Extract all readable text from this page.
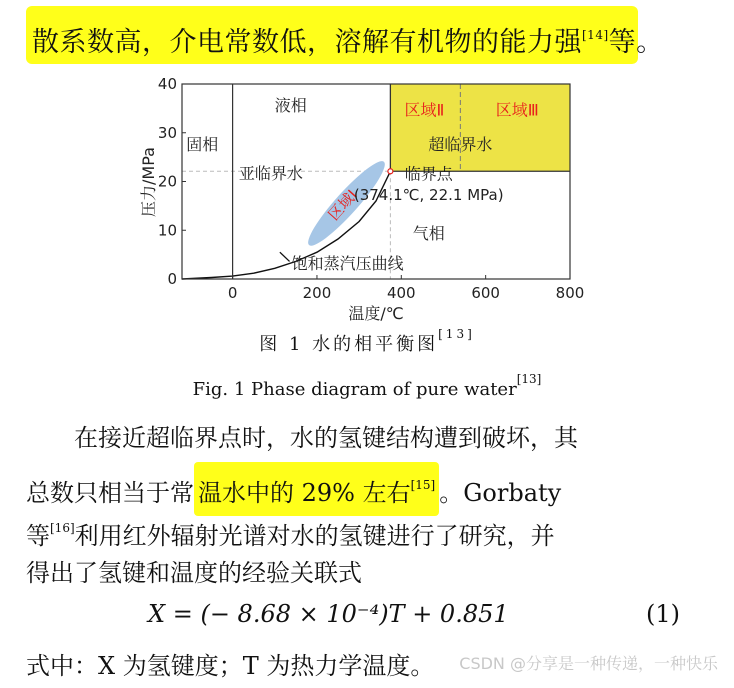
散系数高，介电常数低，溶解有机物的能力强[14]等。
0	200	400	600	800
0
10
20
30
40
温度/℃
压力/MPa
固相
液相
亚临界水
区域Ⅰ
区域Ⅱ	区域Ⅲ
超临界水
临界点
(374.1℃, 22.1 MPa)
气相
饱和蒸汽压曲线
图 1 水的相平衡图[13]
Fig. 1 Phase diagram of pure water[13]
　　在接近超临界点时，水的氢键结构遭到破坏，其
总数只相当于常 温水中的 29% 左右[15] 。Gorbaty
等[16]利用红外辐射光谱对水的氢键进行了研究，并
得出了氢键和温度的经验关联式
X = (− 8.68 × 10⁻⁴)T + 0.851	(1)
式中：X 为氢键度；T 为热力学温度。	CSDN @分享是一种传递，一种快乐
